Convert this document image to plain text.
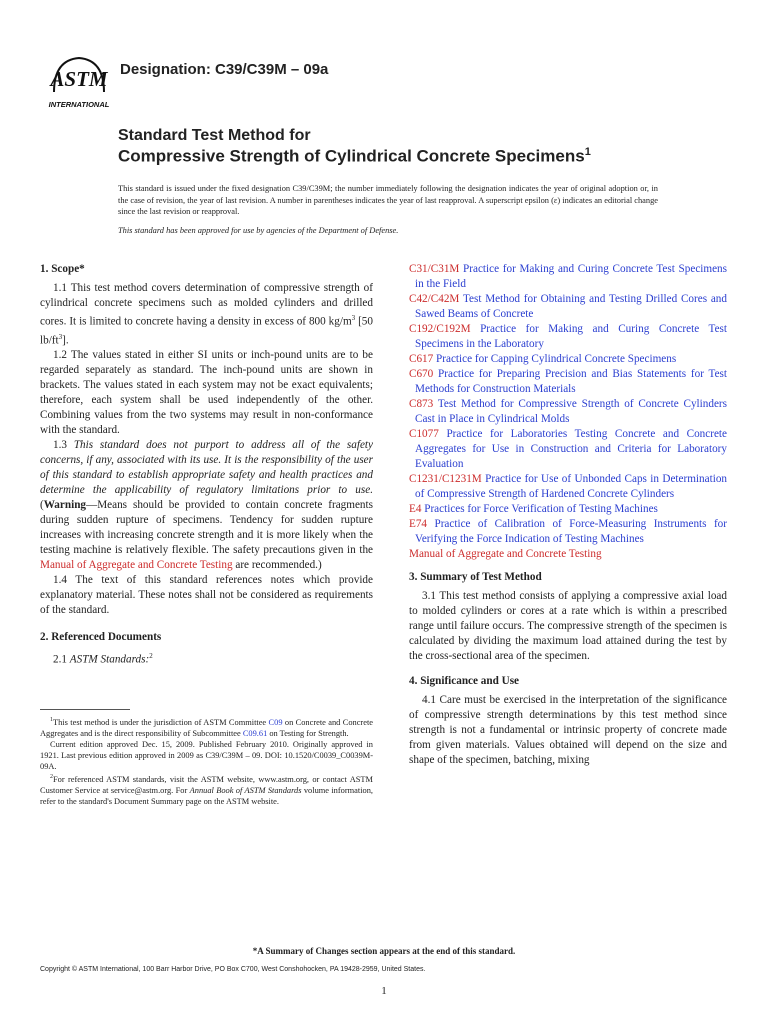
ASTM
INTERNATIONAL
Designation: C39/C39M – 09a
Standard Test Method for
Compressive Strength of Cylindrical Concrete Specimens$^1$
This standard is issued under the fixed designation C39/C39M; the number immediately following the designation indicates the year of original adoption or, in the case of revision, the year of last revision. A number in parentheses indicates the year of last reapproval. A superscript epsilon (ε) indicates an editorial change since the last revision or reapproval.
This standard has been approved for use by agencies of the Department of Defense.
1. Scope*

1.1 This test method covers determination of compressive strength of cylindrical concrete specimens such as molded cylinders and drilled cores. It is limited to concrete having a density in excess of 800 $kg/m^3$ [50 $lb/ft^3$].

1.2 The values stated in either SI units or inch-pound units are to be regarded separately as standard. The inch-pound units are shown in brackets. The values stated in each system may not be exact equivalents; therefore, each system shall be used independently of the other. Combining values from the two systems may result in non-conformance with the standard.

1.3 This standard does not purport to address all of the safety concerns, if any, associated with its use. It is the responsibility of the user of this standard to establish appropriate safety and health practices and determine the applicability of regulatory limitations prior to use. (Warning—Means should be provided to contain concrete fragments during sudden rupture of specimens. Tendency for sudden rupture increases with increasing concrete strength and it is more likely when the testing machine is relatively flexible. The safety precautions given in the Manual of Aggregate and Concrete Testing are recommended.)

1.4 The text of this standard references notes which provide explanatory material. These notes shall not be considered as requirements of the standard.

2. Referenced Documents

2.1 ASTM Standards:$^2$

$^1$This test method is under the jurisdiction of ASTM Committee C09 on Concrete and Concrete Aggregates and is the direct responsibility of Subcommittee C09.61 on Testing for Strength.

Current edition approved Dec. 15, 2009. Published February 2010. Originally approved in 1921. Last previous edition approved in 2009 as C39/C39M – 09. DOI: 10.1520/C0039_C0039M-09A.

$^2$For referenced ASTM standards, visit the ASTM website, www.astm.org, or contact ASTM Customer Service at service@astm.org. For Annual Book of ASTM Standards volume information, refer to the standard's Document Summary page on the ASTM website.

C31/C31M Practice for Making and Curing Concrete Test Specimens in the Field

C42/C42M Test Method for Obtaining and Testing Drilled Cores and Sawed Beams of Concrete

C192/C192M Practice for Making and Curing Concrete Test Specimens in the Laboratory

C617 Practice for Capping Cylindrical Concrete Specimens

C670 Practice for Preparing Precision and Bias Statements for Test Methods for Construction Materials

C873 Test Method for Compressive Strength of Concrete Cylinders Cast in Place in Cylindrical Molds

C1077 Practice for Laboratories Testing Concrete and Concrete Aggregates for Use in Construction and Criteria for Laboratory Evaluation

C1231/C1231M Practice for Use of Unbonded Caps in Determination of Compressive Strength of Hardened Concrete Cylinders

E4 Practices for Force Verification of Testing Machines

E74 Practice of Calibration of Force-Measuring Instruments for Verifying the Force Indication of Testing Machines

Manual of Aggregate and Concrete Testing

3. Summary of Test Method

3.1 This test method consists of applying a compressive axial load to molded cylinders or cores at a rate which is within a prescribed range until failure occurs. The compressive strength of the specimen is calculated by dividing the maximum load attained during the test by the cross-sectional area of the specimen.

4. Significance and Use

4.1 Care must be exercised in the interpretation of the significance of compressive strength determinations by this test method since strength is not a fundamental or intrinsic property of concrete made from given materials. Values obtained will depend on the size and shape of the specimen, batching, mixing

*A Summary of Changes section appears at the end of this standard.
Copyright © ASTM International, 100 Barr Harbor Drive, PO Box C700, West Conshohocken, PA 19428-2959, United States.
1
